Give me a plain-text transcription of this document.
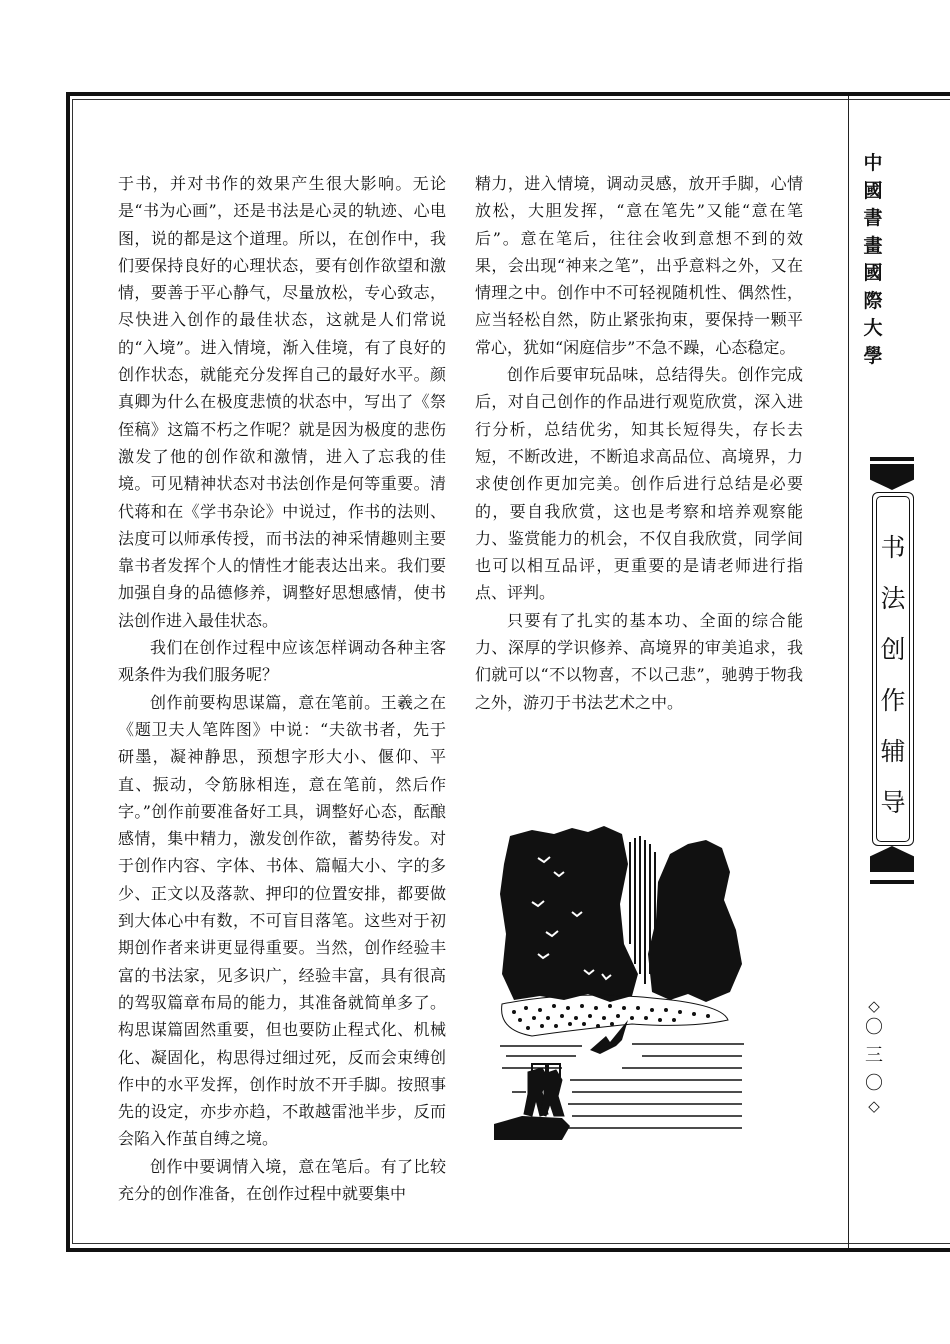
于书，并对书作的效果产生很大影响。无论是“书为心画”，还是书法是心灵的轨迹、心电图，说的都是这个道理。所以，在创作中，我们要保持良好的心理状态，要有创作欲望和激情，要善于平心静气，尽量放松，专心致志，尽快进入创作的最佳状态，这就是人们常说的“入境”。进入情境，渐入佳境，有了良好的创作状态，就能充分发挥自己的最好水平。颜真卿为什么在极度悲愤的状态中，写出了《祭侄稿》这篇不朽之作呢？就是因为极度的悲伤激发了他的创作欲和激情，进入了忘我的佳境。可见精神状态对书法创作是何等重要。清代蒋和在《学书杂论》中说过，作书的法则、法度可以师承传授，而书法的神采情趣则主要靠书者发挥个人的情性才能表达出来。我们要加强自身的品德修养，调整好思想感情，使书法创作进入最佳状态。

我们在创作过程中应该怎样调动各种主客观条件为我们服务呢？

创作前要构思谋篇，意在笔前。王羲之在《题卫夫人笔阵图》中说：“夫欲书者，先于研墨，凝神静思，预想字形大小、偃仰、平直、振动，令筋脉相连，意在笔前，然后作字。”创作前要准备好工具，调整好心态，酝酿感情，集中精力，激发创作欲，蓄势待发。对于创作内容、字体、书体、篇幅大小、字的多少、正文以及落款、押印的位置安排，都要做到大体心中有数，不可盲目落笔。这些对于初期创作者来讲更显得重要。当然，创作经验丰富的书法家，见多识广，经验丰富，具有很高的驾驭篇章布局的能力，其准备就简单多了。构思谋篇固然重要，但也要防止程式化、机械化、凝固化，构思得过细过死，反而会束缚创作中的水平发挥，创作时放不开手脚。按照事先的设定，亦步亦趋，不敢越雷池半步，反而会陷入作茧自缚之境。

创作中要调情入境，意在笔后。有了比较充分的创作准备，在创作过程中就要集中

精力，进入情境，调动灵感，放开手脚，心情放松，大胆发挥，“意在笔先”又能“意在笔后”。意在笔后，往往会收到意想不到的效果，会出现“神来之笔”，出乎意料之外，又在情理之中。创作中不可轻视随机性、偶然性，应当轻松自然，防止紧张拘束，要保持一颗平常心，犹如“闲庭信步”不急不躁，心态稳定。

创作后要审玩品味，总结得失。创作完成后，对自己创作的作品进行观览欣赏，深入进行分析，总结优劣，知其长短得失，存长去短，不断改进，不断追求高品位、高境界，力求使创作更加完美。创作后进行总结是必要的，要自我欣赏，这也是考察和培养观察能力、鉴赏能力的机会，不仅自我欣赏，同学间也可以相互品评，更重要的是请老师进行指点、评判。

只要有了扎实的基本功、全面的综合能力、深厚的学识修养、高境界的审美追求，我们就可以“不以物喜，不以己悲”，驰骋于物我之外，游刃于书法艺术之中。

中
國
書
畫
國
際
大
學
书
法
创
作
辅
导
◇
〇
三
〇
◇
